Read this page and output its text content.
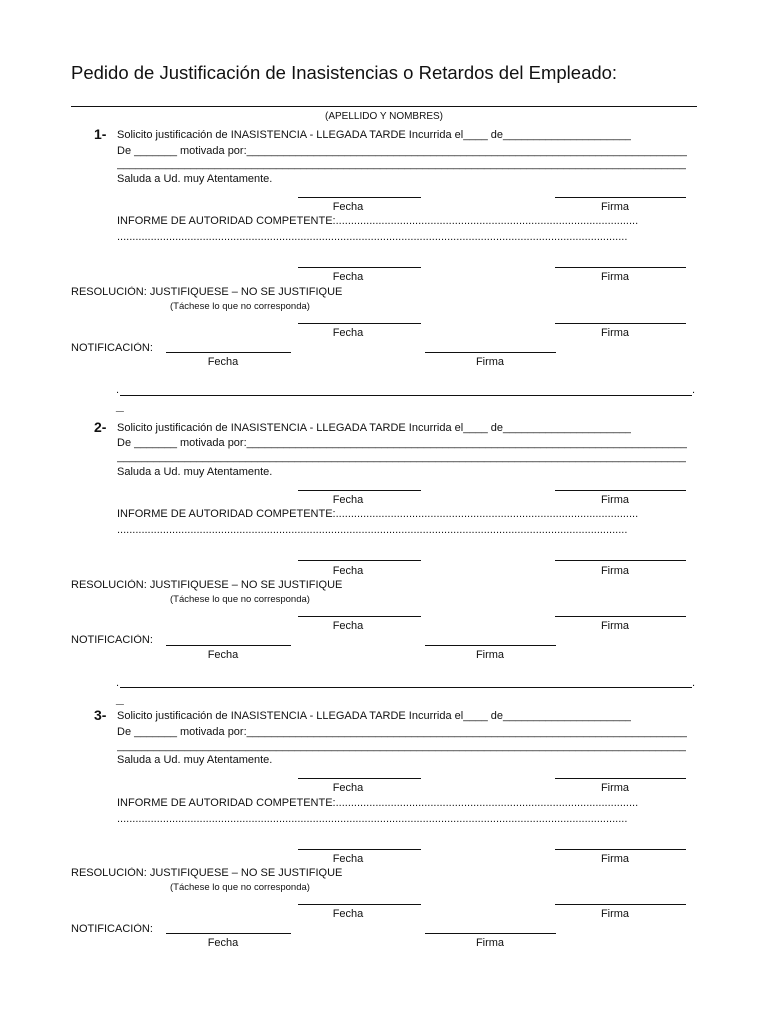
Pedido de Justificación de Inasistencias o Retardos del Empleado:
(APELLIDO Y NOMBRES)
1- Solicito justificación de INASISTENCIA - LLEGADA TARDE Incurrida el____ de_____________________
De _______ motivada por:________________________________________________________________________
_____________________________________________________________________________________________
Saluda a Ud. muy Atentamente.
Fecha	Firma
INFORME DE AUTORIDAD COMPETENTE:...................................................................................................
.......................................................................................................................................................................
Fecha	Firma
RESOLUCIÒN: JUSTIFIQUESE – NO SE JUSTIFIQUE
(Táchese lo que no corresponda)
Fecha	Firma
NOTIFICACIÒN:
Fecha	Firma
.	.
_
2- Solicito justificación de INASISTENCIA - LLEGADA TARDE Incurrida el____ de_____________________
De _______ motivada por:________________________________________________________________________
_____________________________________________________________________________________________
Saluda a Ud. muy Atentamente.
Fecha	Firma
INFORME DE AUTORIDAD COMPETENTE:...................................................................................................
.......................................................................................................................................................................
Fecha	Firma
RESOLUCIÒN: JUSTIFIQUESE – NO SE JUSTIFIQUE
(Táchese lo que no corresponda)
Fecha	Firma
NOTIFICACIÒN:
Fecha	Firma
.	.
_
3- Solicito justificación de INASISTENCIA - LLEGADA TARDE Incurrida el____ de_____________________
De _______ motivada por:________________________________________________________________________
_____________________________________________________________________________________________
Saluda a Ud. muy Atentamente.
Fecha	Firma
INFORME DE AUTORIDAD COMPETENTE:...................................................................................................
.......................................................................................................................................................................
Fecha	Firma
RESOLUCIÒN: JUSTIFIQUESE – NO SE JUSTIFIQUE
(Táchese lo que no corresponda)
Fecha	Firma
NOTIFICACIÒN:
Fecha	Firma
